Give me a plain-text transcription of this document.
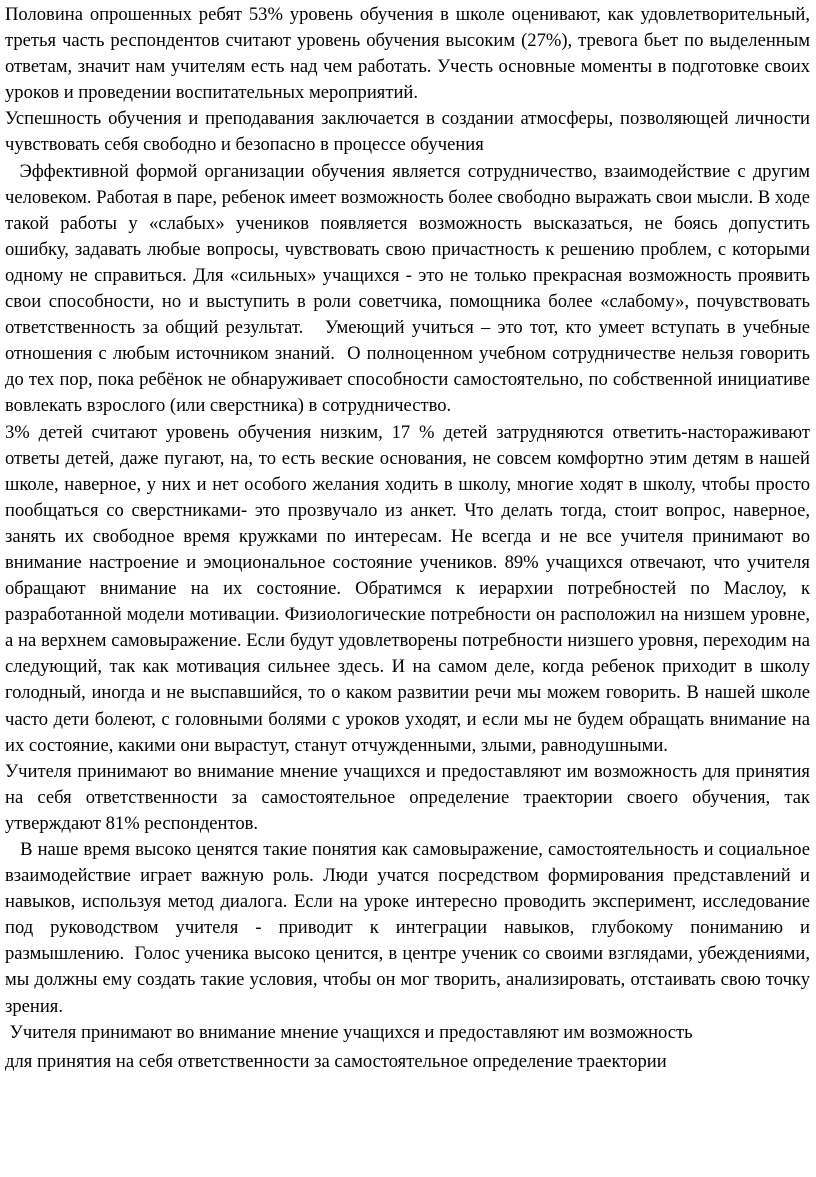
Половина опрошенных ребят 53% уровень обучения в школе оценивают, как удовлетворительный, третья часть респондентов считают уровень обучения высоким (27%), тревога бьет по выделенным ответам, значит нам учителям есть над чем работать. Учесть основные моменты в подготовке своих уроков и проведении воспитательных мероприятий.

Успешность обучения и преподавания заключается в создании атмосферы, позволяющей личности чувствовать себя свободно и безопасно в процессе обучения

Эффективной формой организации обучения является сотрудничество, взаимодействие с другим человеком. Работая в паре, ребенок имеет возможность более свободно выражать свои мысли. В ходе такой работы у «слабых» учеников появляется возможность высказаться, не боясь допустить ошибку, задавать любые вопросы, чувствовать свою причастность к решению проблем, с которыми одному не справиться. Для «сильных» учащихся - это не только прекрасная возможность проявить свои способности, но и выступить в роли советчика, помощника более «слабому», почувствовать ответственность за общий результат.   Умеющий учиться – это тот, кто умеет вступать в учебные отношения с любым источником знаний.  О полноценном учебном сотрудничестве нельзя говорить до тех пор, пока ребёнок не обнаруживает способности самостоятельно, по собственной инициативе вовлекать взрослого (или сверстника) в сотрудничество.

3% детей считают уровень обучения низким, 17 % детей затрудняются ответить-настораживают ответы детей, даже пугают, на, то есть веские основания, не совсем комфортно этим детям в нашей школе, наверное, у них и нет особого желания ходить в школу, многие ходят в школу, чтобы просто пообщаться со сверстниками- это прозвучало из анкет. Что делать тогда, стоит вопрос, наверное, занять их свободное время кружками по интересам. Не всегда и не все учителя принимают во внимание настроение и эмоциональное состояние учеников. 89% учащихся отвечают, что учителя обращают внимание на их состояние. Обратимся к иерархии потребностей по Маслоу, к разработанной модели мотивации. Физиологические потребности он расположил на низшем уровне, а на верхнем самовыражение. Если будут удовлетворены потребности низшего уровня, переходим на следующий, так как мотивация сильнее здесь. И на самом деле, когда ребенок приходит в школу голодный, иногда и не выспавшийся, то о каком развитии речи мы можем говорить. В нашей школе часто дети болеют, с головными болями с уроков уходят, и если мы не будем обращать внимание на их состояние, какими они вырастут, станут отчужденными, злыми, равнодушными.

Учителя принимают во внимание мнение учащихся и предоставляют им возможность для принятия на себя ответственности за самостоятельное определение траектории своего обучения, так утверждают 81% респондентов.

В наше время высоко ценятся такие понятия как самовыражение, самостоятельность и социальное взаимодействие играет важную роль. Люди учатся посредством формирования представлений и навыков, используя метод диалога. Если на уроке интересно проводить эксперимент, исследование под руководством учителя - приводит к интеграции навыков, глубокому пониманию и размышлению.  Голос ученика высоко ценится, в центре ученик со своими взглядами, убеждениями, мы должны ему создать такие условия, чтобы он мог творить, анализировать, отстаивать свою точку зрения.

Учителя принимают во внимание мнение учащихся и предоставляют им возможность

для принятия на себя ответственности за самостоятельное определение траектории
